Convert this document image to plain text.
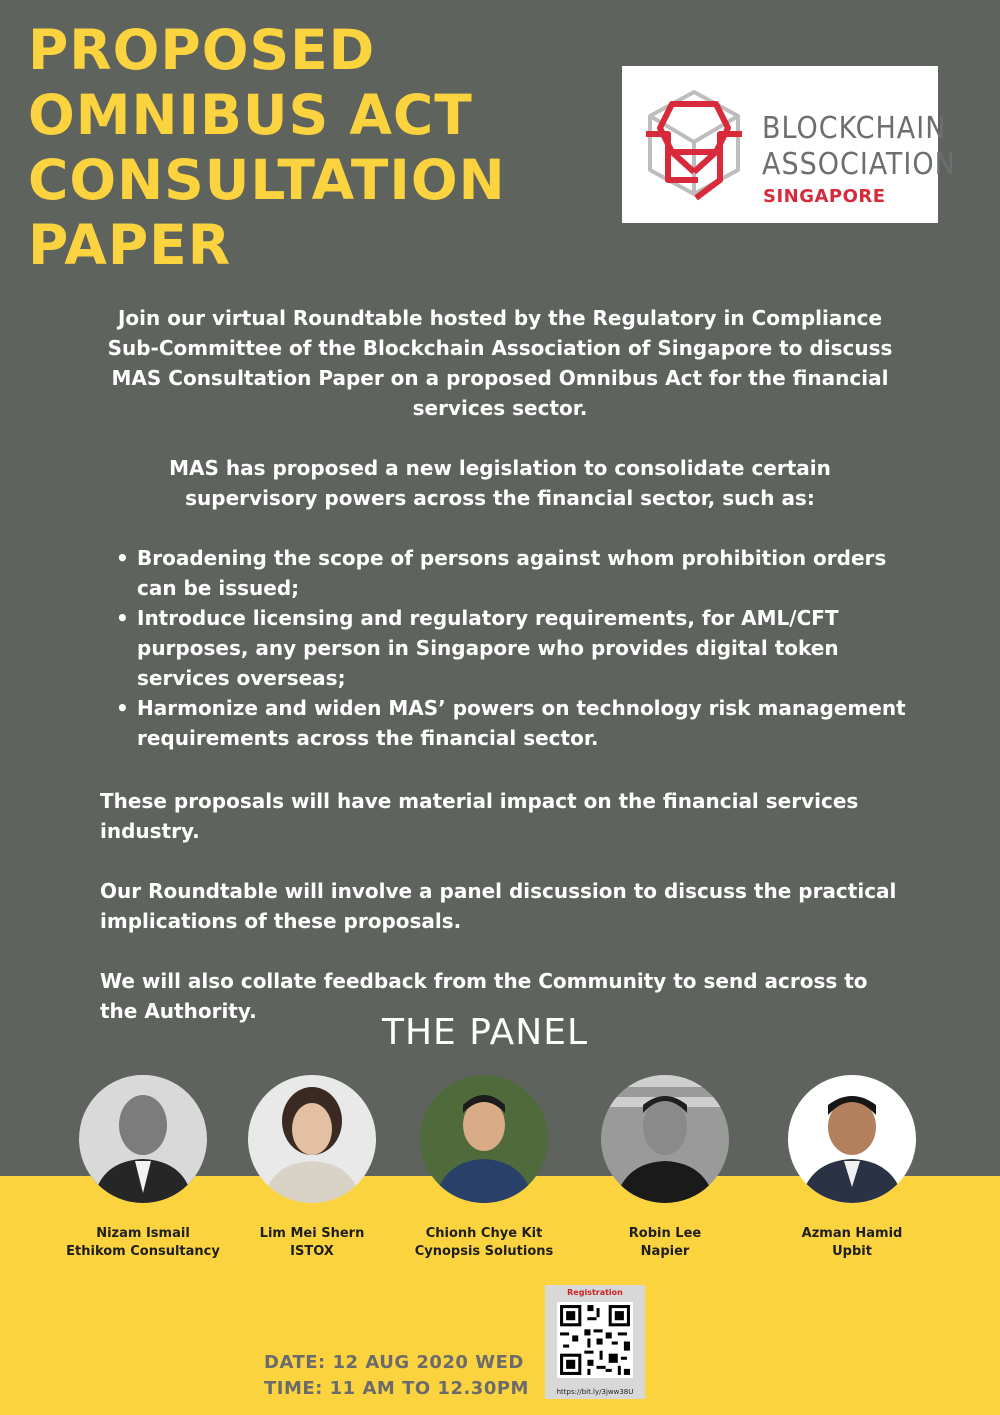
PROPOSED
OMNIBUS ACT
CONSULTATION
PAPER
BLOCKCHAIN
ASSOCIATION
SINGAPORE

Join our virtual Roundtable hosted by the Regulatory in Compliance Sub-Committee of the Blockchain Association of Singapore to discuss MAS Consultation Paper on a proposed Omnibus Act for the financial services sector.

MAS has proposed a new legislation to consolidate certain supervisory powers across the financial sector, such as:

• Broadening the scope of persons against whom prohibition orders can be issued;
• Introduce licensing and regulatory requirements, for AML/CFT purposes, any person in Singapore who provides digital token services overseas;
• Harmonize and widen MAS’ powers on technology risk management requirements across the financial sector.

These proposals will have material impact on the financial services industry.

Our Roundtable will involve a panel discussion to discuss the practical implications of these proposals.

We will also collate feedback from the Community to send across to the Authority.

THE PANEL
Nizam Ismail
Ethikom Consultancy
Lim Mei Shern
ISTOX
Chionh Chye Kit
Cynopsis Solutions
Robin Lee
Napier
Azman Hamid
Upbit
DATE: 12 AUG 2020 WED
TIME: 11 AM TO 12.30PM
Registration
https://bit.ly/3jww38U
